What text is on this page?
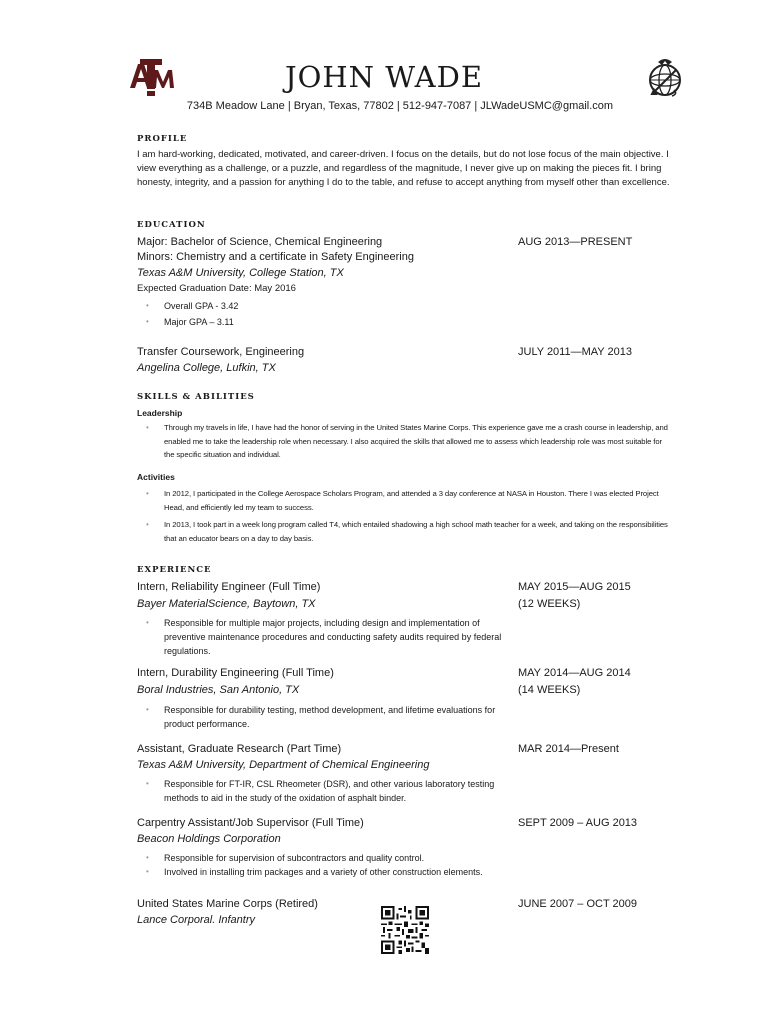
JOHN WADE
734B Meadow Lane | Bryan, Texas, 77802 | 512-947-7087 | JLWadeUSMC@gmail.com
PROFILE
I am hard-working, dedicated, motivated, and career-driven. I focus on the details, but do not lose focus of the main objective. I view everything as a challenge, or a puzzle, and regardless of the magnitude, I never give up on making the pieces fit. I bring honesty, integrity, and a passion for anything I do to the table, and refuse to accept anything from myself other than excellence.
EDUCATION
Major: Bachelor of Science, Chemical Engineering	AUG 2013—PRESENT
Minors: Chemistry and a certificate in Safety Engineering
Texas A&M University, College Station, TX
Expected Graduation Date: May 2016
• Overall GPA - 3.42
• Major GPA – 3.11
Transfer Coursework, Engineering	JULY 2011—MAY 2013
Angelina College, Lufkin, TX
SKILLS & ABILITIES
Leadership
• Through my travels in life, I have had the honor of serving in the United States Marine Corps. This experience gave me a crash course in leadership, and enabled me to take the leadership role when necessary. I also acquired the skills that allowed me to assess which leadership role was most suitable for the specific situation and individual.
Activities
• In 2012, I participated in the College Aerospace Scholars Program, and attended a 3 day conference at NASA in Houston. There I was elected Project Head, and efficiently led my team to success.
• In 2013, I took part in a week long program called T4, which entailed shadowing a high school math teacher for a week, and taking on the responsibilities that an educator bears on a day to day basis.
EXPERIENCE
Intern, Reliability Engineer (Full Time)	MAY 2015—AUG 2015
Bayer MaterialScience, Baytown, TX	(12 WEEKS)
• Responsible for multiple major projects, including design and implementation of preventive maintenance procedures and conducting safety audits required by federal regulations.
Intern, Durability Engineering (Full Time)	MAY 2014—AUG 2014
Boral Industries, San Antonio, TX	(14 WEEKS)
• Responsible for durability testing, method development, and lifetime evaluations for product performance.
Assistant, Graduate Research (Part Time)	MAR 2014—Present
Texas A&M University, Department of Chemical Engineering
• Responsible for FT-IR, CSL Rheometer (DSR), and other various laboratory testing methods to aid in the study of the oxidation of asphalt binder.
Carpentry Assistant/Job Supervisor (Full Time)	SEPT 2009 – AUG 2013
Beacon Holdings Corporation
• Responsible for supervision of subcontractors and quality control.
• Involved in installing trim packages and a variety of other construction elements.
United States Marine Corps (Retired)	JUNE 2007 – OCT 2009
Lance Corporal. Infantry
